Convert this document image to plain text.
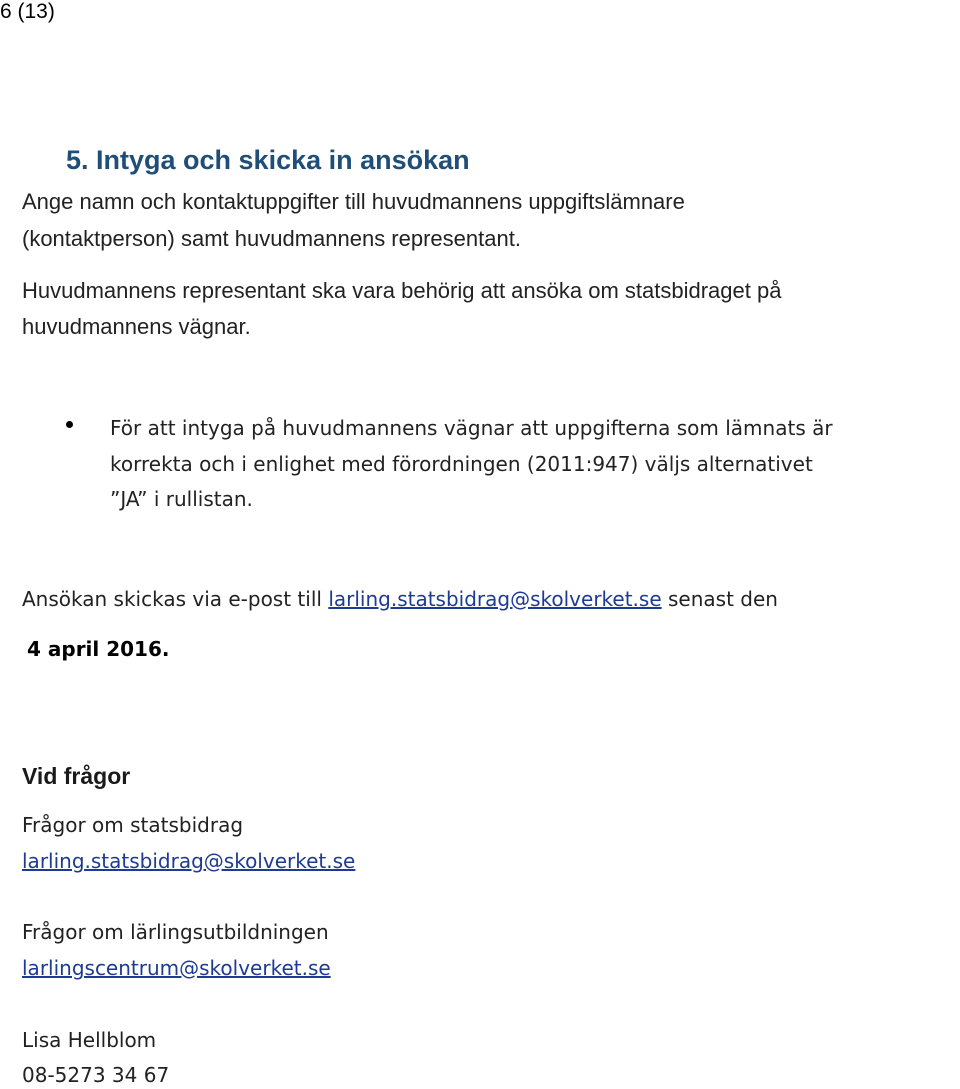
6 (13)
5. Intyga och skicka in ansökan

Ange namn och kontaktuppgifter till huvudmannens uppgiftslämnare

(kontaktperson) samt huvudmannens representant.

Huvudmannens representant ska vara behörig att ansöka om statsbidraget på

huvudmannens vägnar.

För att intyga på huvudmannens vägnar att uppgifterna som lämnats är

korrekta och i enlighet med förordningen (2011:947) väljs alternativet

”JA” i rullistan.

Ansökan skickas via e-post till larling.statsbidrag@skolverket.se senast den

4 april 2016.

Vid frågor

Frågor om statsbidrag

larling.statsbidrag@skolverket.se

Frågor om lärlingsutbildningen

larlingscentrum@skolverket.se

Lisa Hellblom

08-5273 34 67
